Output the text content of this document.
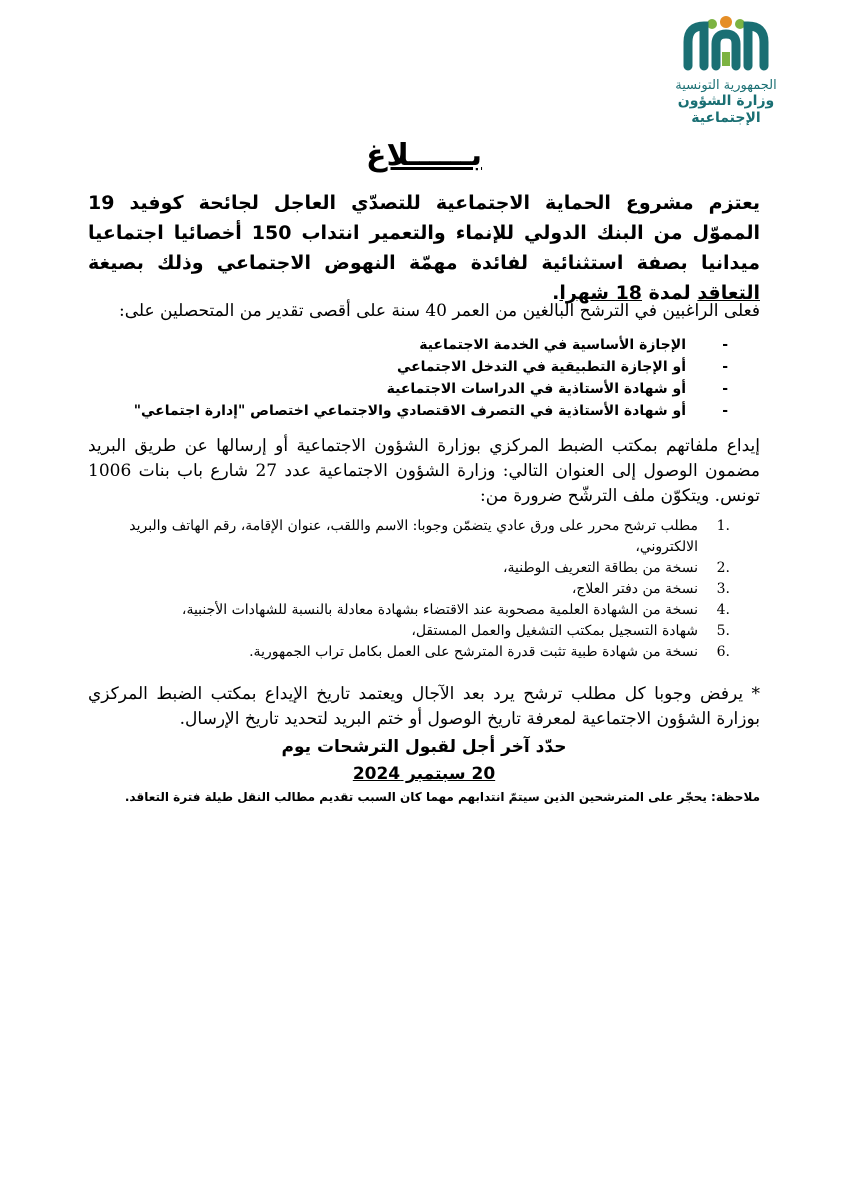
الجمهورية التونسية
وزارة الشؤون الإجتماعية
بــــــلاغ

يعتزم مشروع الحماية الاجتماعية للتصدّي العاجل لجائحة كوفيد 19 المموّل من البنك الدولي للإنماء والتعمير انتداب 150 أخصائيا اجتماعيا ميدانيا بصفة استثنائية لفائدة مهمّة النهوض الاجتماعي وذلك بصيغة التعاقد لمدة 18 شهرا.

فعلى الراغبين في الترشح البالغين من العمر 40 سنة على أقصى تقدير من المتحصلين على:

-
الإجازة الأساسية في الخدمة الاجتماعية
-
أو الإجازة التطبيقية في التدخل الاجتماعي
-
أو شهادة الأستاذية في الدراسات الاجتماعية
-
أو شهادة الأستاذية في التصرف الاقتصادي والاجتماعي اختصاص "إدارة اجتماعي"

إيداع ملفاتهم بمكتب الضبط المركزي بوزارة الشؤون الاجتماعية أو إرسالها عن طريق البريد مضمون الوصول إلى العنوان التالي: وزارة الشؤون الاجتماعية عدد 27 شارع باب بنات 1006 تونس. ويتكوّن ملف الترشّح ضرورة من:

1.
مطلب ترشح محرر على ورق عادي يتضمّن وجوبا: الاسم واللقب، عنوان الإقامة، رقم الهاتف والبريد الالكتروني،
2.
نسخة من بطاقة التعريف الوطنية،
3.
نسخة من دفتر العلاج،
4.
نسخة من الشهادة العلمية مصحوبة عند الاقتضاء بشهادة معادلة بالنسبة للشهادات الأجنبية،
5.
شهادة التسجيل بمكتب التشغيل والعمل المستقل،
6.
نسخة من شهادة طبية تثبت قدرة المترشح على العمل بكامل تراب الجمهورية.

* يرفض وجوبا كل مطلب ترشح يرد بعد الآجال ويعتمد تاريخ الإيداع بمكتب الضبط المركزي بوزارة الشؤون الاجتماعية لمعرفة تاريخ الوصول أو ختم البريد لتحديد تاريخ الإرسال.

حدّد آخر أجل لقبول الترشحات يوم
20 سبتمبر 2024

ملاحظة: يحجّر على المترشحين الذين سيتمّ انتدابهم مهما كان السبب تقديم مطالب النقل طيلة فترة التعاقد.
